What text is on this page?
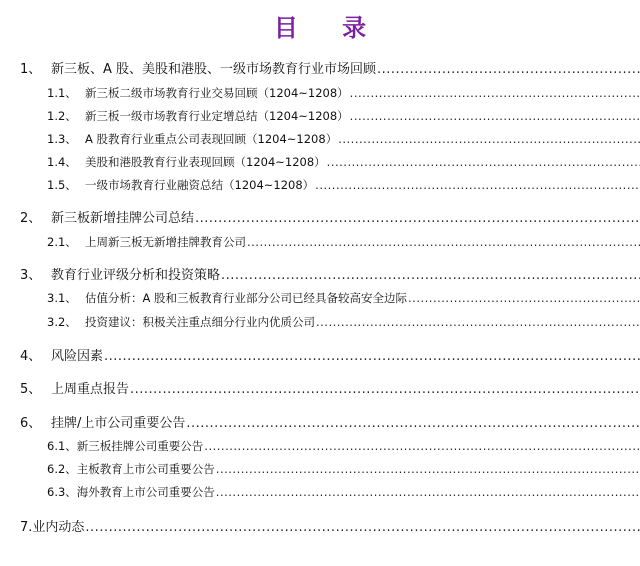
目 录
1、 新三板、A 股、美股和港股、一级市场教育行业市场回顾
.....
1.1、 新三板二级市场教育行业交易回顾（1204~1208）
.....
1.2、 新三板一级市场教育行业定增总结（1204~1208）
.....
1.3、 A 股教育行业重点公司表现回顾（1204~1208）
.....
1.4、 美股和港股教育行业表现回顾（1204~1208）
.....
1.5、 一级市场教育行业融资总结（1204~1208）
.....
2、 新三板新增挂牌公司总结
.....
2.1、 上周新三板无新增挂牌教育公司
.....
3、 教育行业评级分析和投资策略
.....
3.1、 估值分析：A 股和三板教育行业部分公司已经具备较高安全边际
.....
3.2、 投资建议：积极关注重点细分行业内优质公司
.....
4、 风险因素
.....
5、 上周重点报告
.....
6、 挂牌/上市公司重要公告
.....
6.1、 新三板挂牌公司重要公告
.....
6.2、 主板教育上市公司重要公告
.....
6.3、 海外教育上市公司重要公告
.....
7. 业内动态
.....
